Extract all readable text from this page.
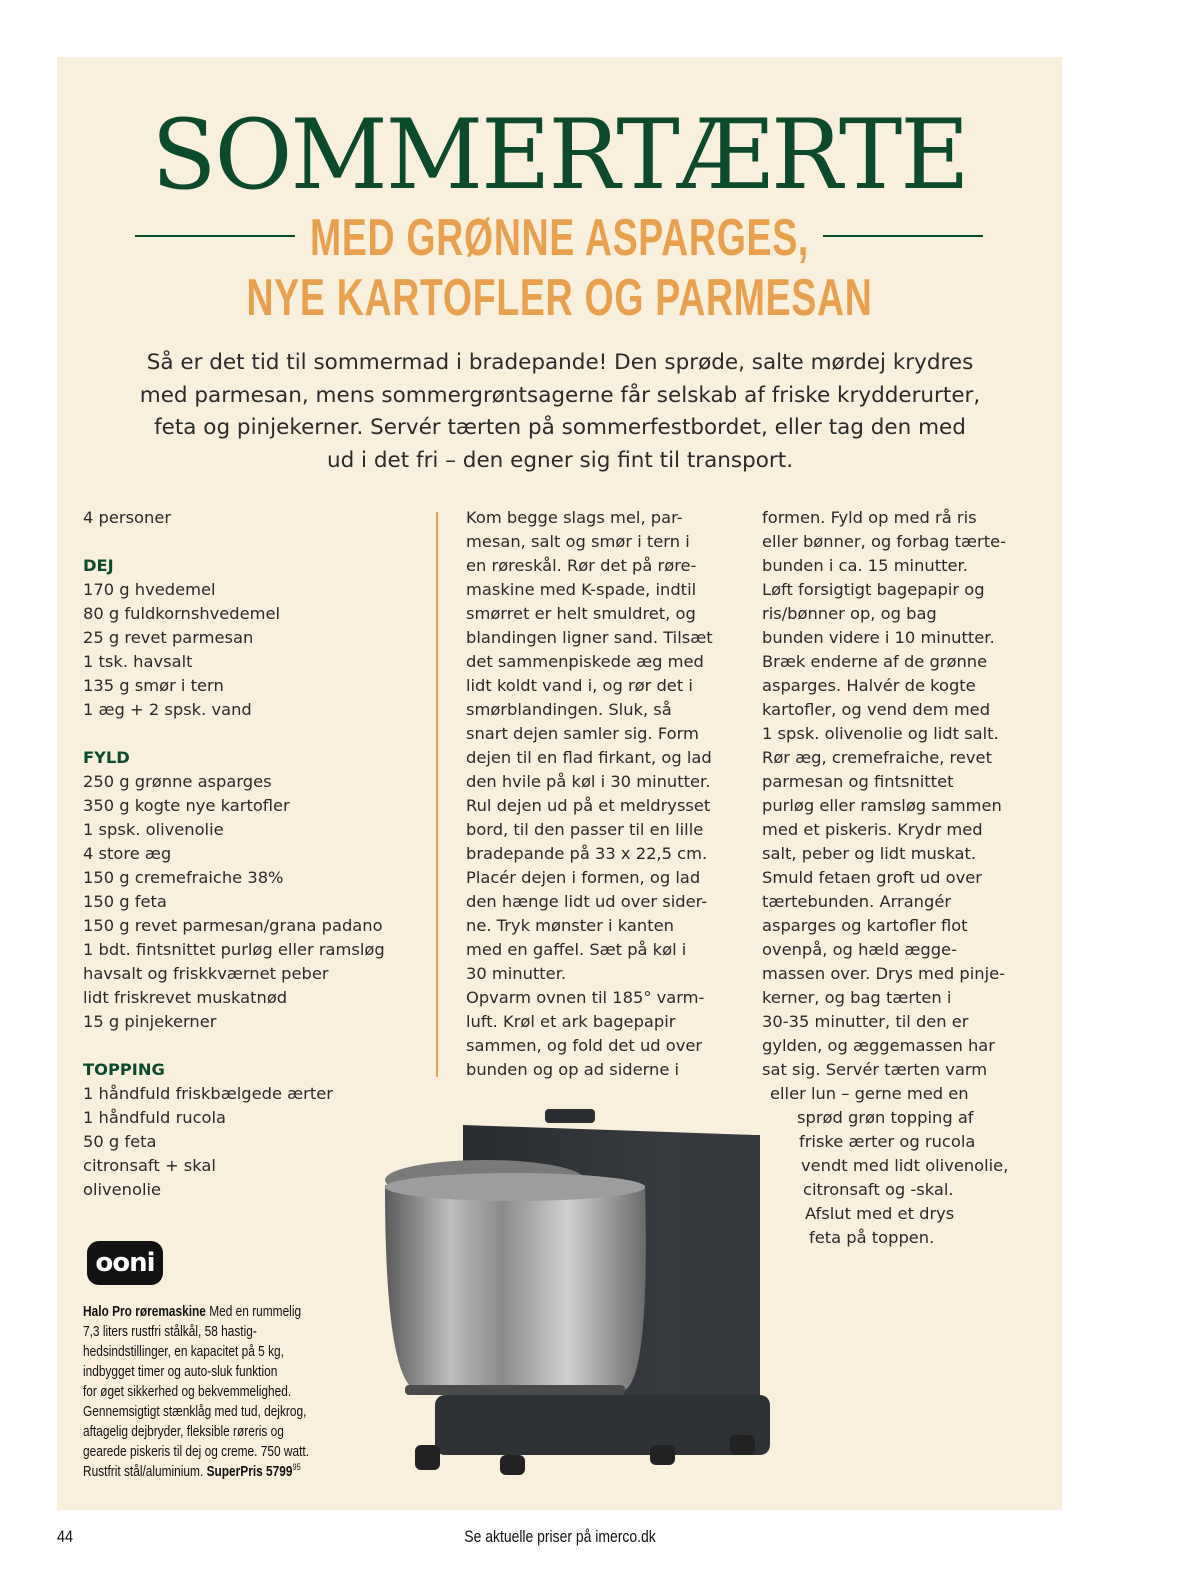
SOMMERTÆRTE
MED GRØNNE ASPARGES,
NYE KARTOFLER OG PARMESAN
Så er det tid til sommermad i bradepande! Den sprøde, salte mørdej krydres
med parmesan, mens sommergrøntsagerne får selskab af friske krydderurter,
feta og pinjekerner. Servér tærten på sommerfestbordet, eller tag den med
ud i det fri – den egner sig fint til transport.
4 personer
DEJ
170 g hvedemel
80 g fuldkornshvedemel
25 g revet parmesan
1 tsk. havsalt
135 g smør i tern
1 æg + 2 spsk. vand
FYLD
250 g grønne asparges
350 g kogte nye kartofler
1 spsk. olivenolie
4 store æg
150 g cremefraiche 38%
150 g feta
150 g revet parmesan/grana padano
1 bdt. fintsnittet purløg eller ramsløg
havsalt og friskkværnet peber
lidt friskrevet muskatnød
15 g pinjekerner
TOPPING
1 håndfuld friskbælgede ærter
1 håndfuld rucola
50 g feta
citronsaft + skal
olivenolie
Kom begge slags mel, par-
mesan, salt og smør i tern i
en røreskål. Rør det på røre-
maskine med K-spade, indtil
smørret er helt smuldret, og
blandingen ligner sand. Tilsæt
det sammenpiskede æg med
lidt koldt vand i, og rør det i
smørblandingen. Sluk, så
snart dejen samler sig. Form
dejen til en flad firkant, og lad
den hvile på køl i 30 minutter.
Rul dejen ud på et meldrysset
bord, til den passer til en lille
bradepande på 33 x 22,5 cm.
Placér dejen i formen, og lad
den hænge lidt ud over sider-
ne. Tryk mønster i kanten
med en gaffel. Sæt på køl i
30 minutter.
Opvarm ovnen til 185° varm-
luft. Krøl et ark bagepapir
sammen, og fold det ud over
bunden og op ad siderne i
formen. Fyld op med rå ris
eller bønner, og forbag tærte-
bunden i ca. 15 minutter.
Løft forsigtigt bagepapir og
ris/bønner op, og bag
bunden videre i 10 minutter.
Bræk enderne af de grønne
asparges. Halvér de kogte
kartofler, og vend dem med
1 spsk. olivenolie og lidt salt.
Rør æg, cremefraiche, revet
parmesan og fintsnittet
purløg eller ramsløg sammen
med et piskeris. Krydr med
salt, peber og lidt muskat.
Smuld fetaen groft ud over
tærtebunden. Arrangér
asparges og kartofler flot
ovenpå, og hæld ægge-
massen over. Drys med pinje-
kerner, og bag tærten i
30-35 minutter, til den er
gylden, og æggemassen har
sat sig. Servér tærten varm
eller lun – gerne med en
sprød grøn topping af
friske ærter og rucola
vendt med lidt olivenolie,
citronsaft og -skal.
Afslut med et drys
feta på toppen.
ooni
Halo Pro røremaskine Med en rummelig
7,3 liters rustfri stålkål, 58 hastig-
hedsindstillinger, en kapacitet på 5 kg,
indbygget timer og auto-sluk funktion
for øget sikkerhed og bekvemmelighed.
Gennemsigtigt stænklåg med tud, dejkrog,
aftagelig dejbryder, fleksible røreris og
gearede piskeris til dej og creme. 750 watt.
Rustfrit stål/aluminium. SuperPris 5799$^{95}$
44	Se aktuelle priser på imerco.dk
